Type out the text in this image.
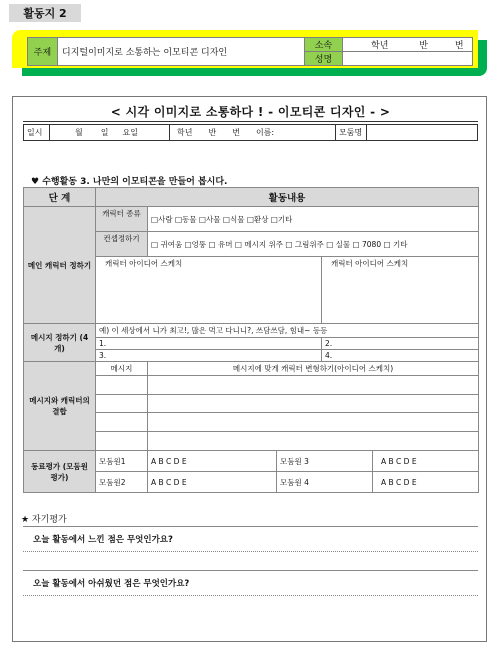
활동지 2
주제	디지털이미지로 소통하는 이모티콘 디자인	소속	학년 반 번
		성명	
< 시각 이미지로 소통하다 ! - 이모티콘 디자인 - >
일시	월 일 요일	학년 반 번 이름:	모둠명
♥ 수행활동 3. 나만의 이모티콘을 만들어 봅시다.
단 계	활동내용				
메인 캐릭터 정하기	캐릭터 종류	□사람 □동물 □사물 □식물 □환상 □기타			
	컨셉정하기	□ 귀여움 □엉뚱 □ 유머 □ 메시지 위주 □ 그림위주 □ 실물 □ 7080 □ 기타			

	캐릭터 아이디어 스케치			캐릭터 아이디어 스케치	

메시지 정하기 (4개)	예) 이 세상에서 니가 최고!, 많은 먹고 다니니?, 쓰담쓰담, 힘내~ 등등				
	1.			2.	
	3.			4.	
메시지와 캐릭터의 결합	메시지	메시지에 맞게 캐릭터 변형하기(아이디어 스케치)			

동료평가 (모둠원 평가)	모둠원1	A B C D E	모둠원 3		A B C D E
	모둠원2	A B C D E	모둠원 4		A B C D E
★ 자기평가
오늘 활동에서 느낀 점은 무엇인가요?
오늘 활동에서 아쉬웠던 점은 무엇인가요?
